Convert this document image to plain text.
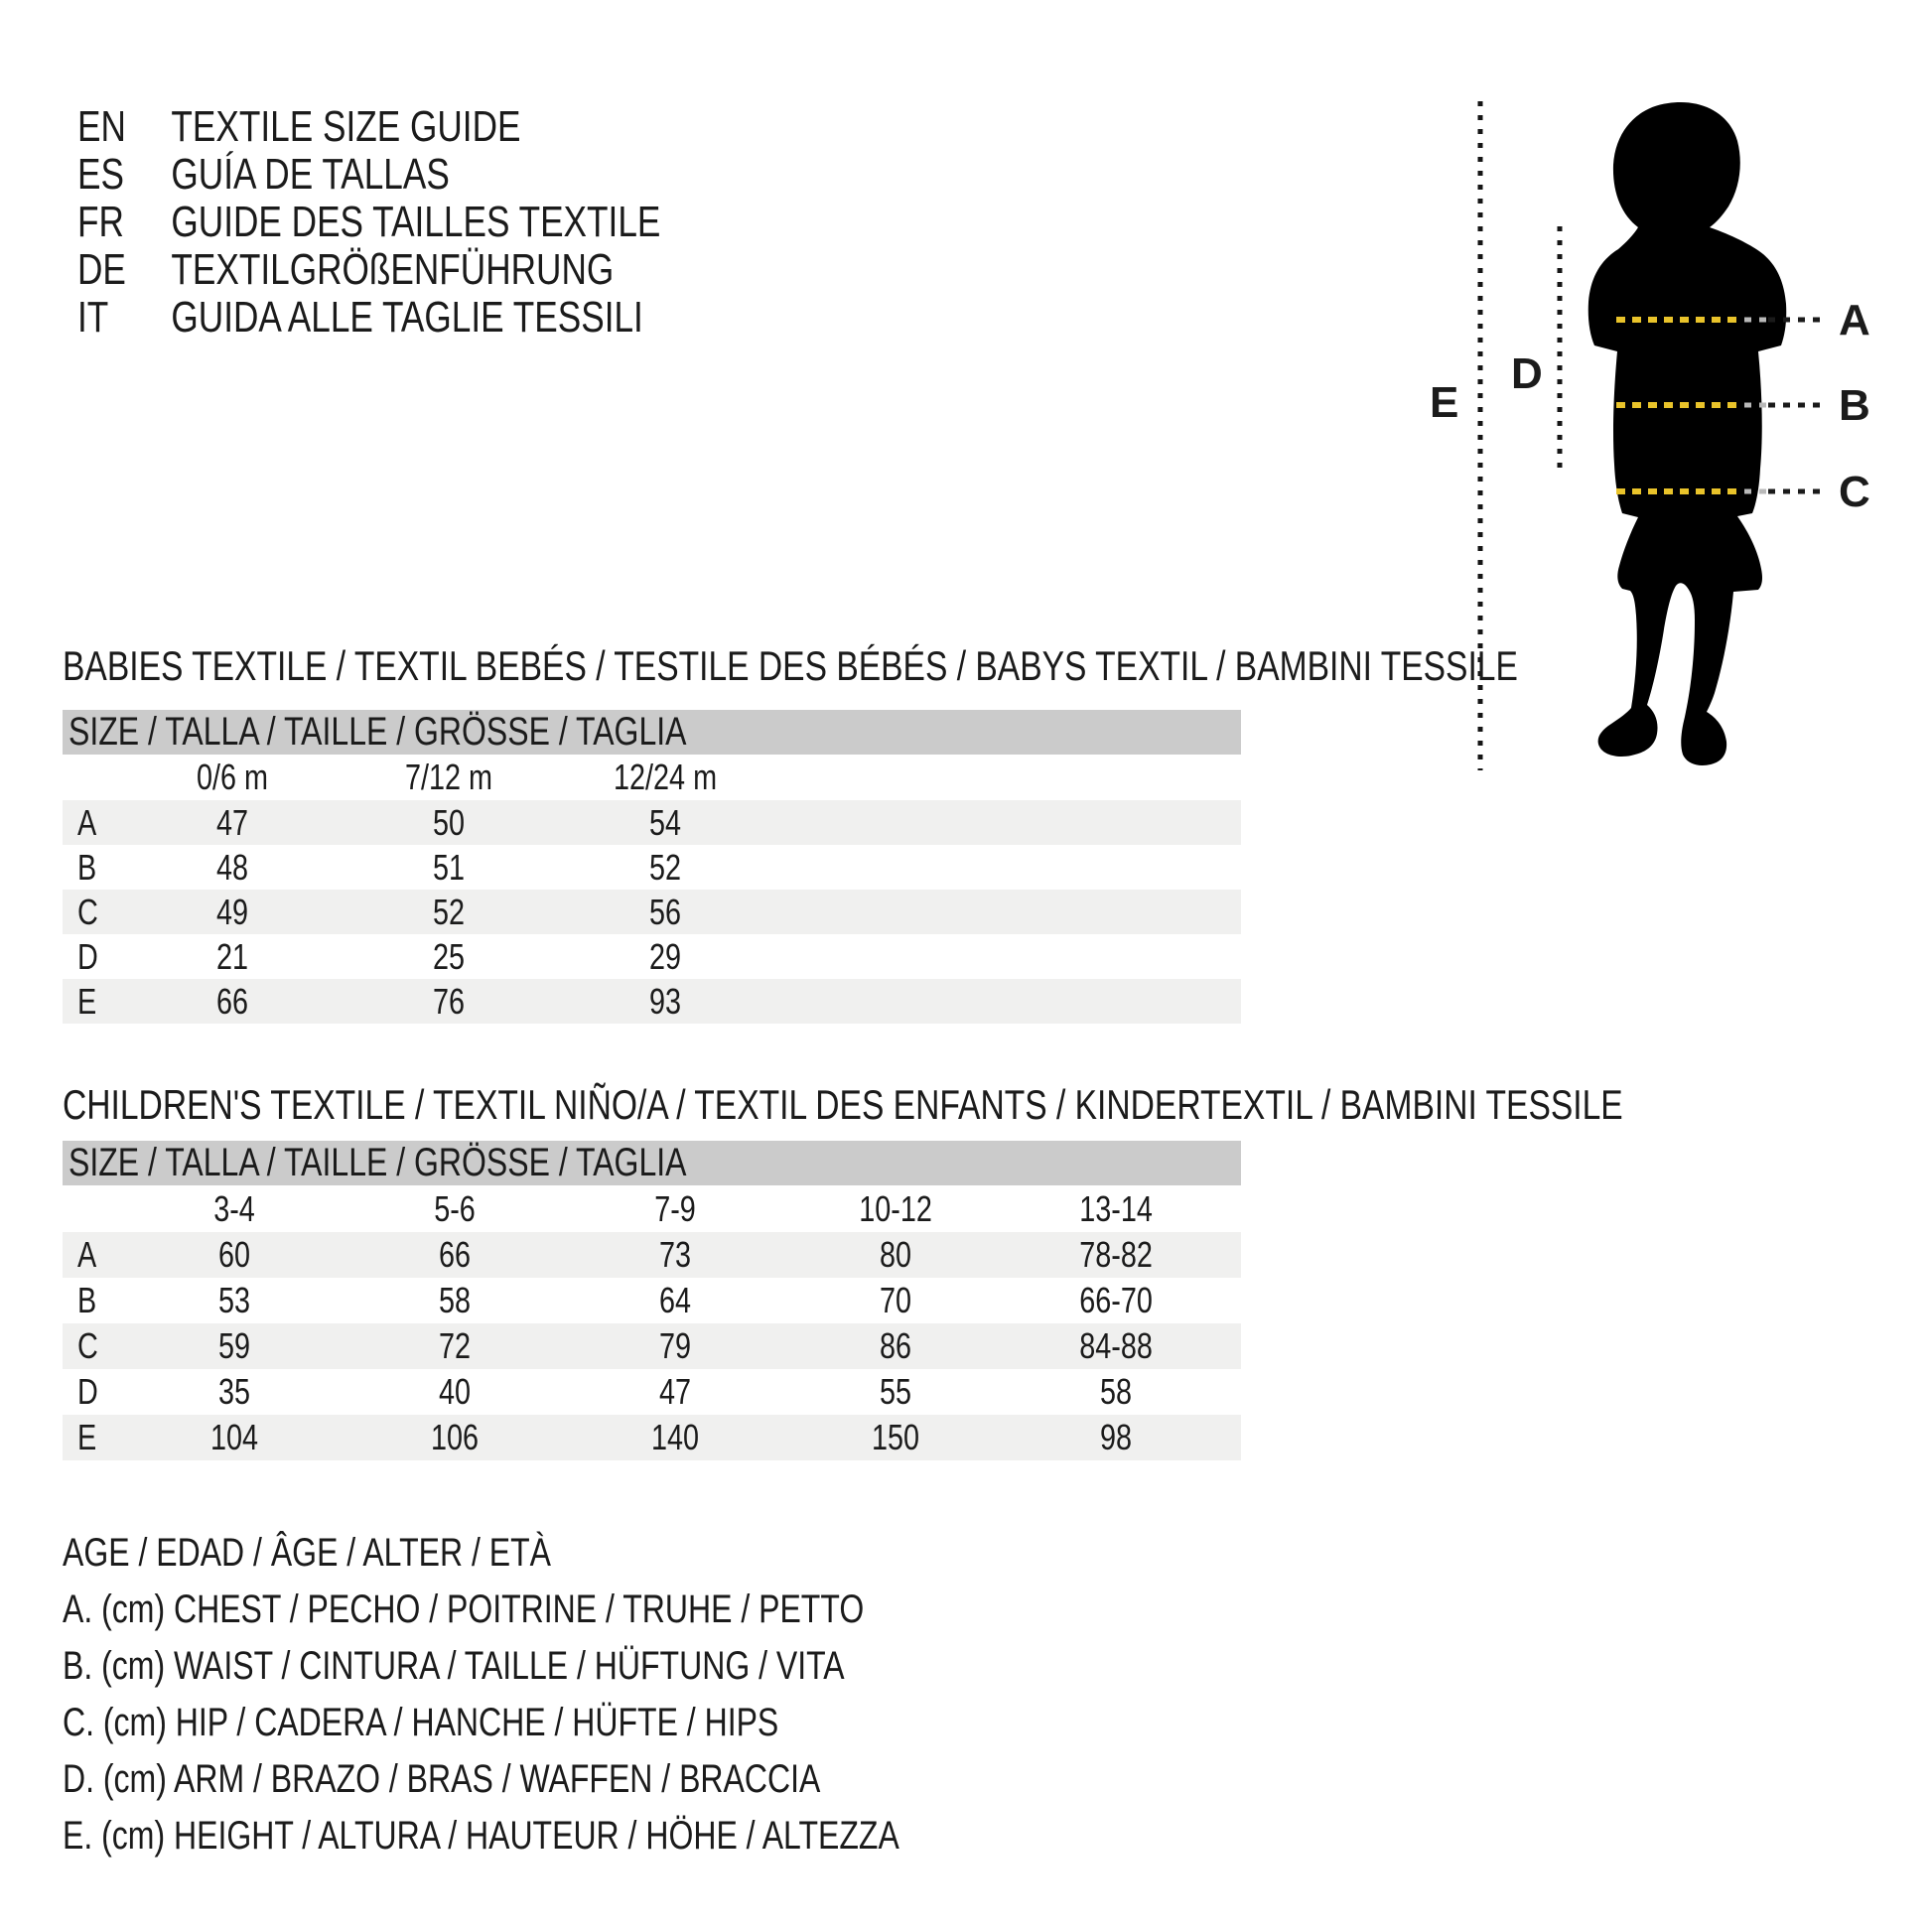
EN TEXTILE SIZE GUIDE
ES GUÍA DE TALLAS
FR GUIDE DES TAILLES TEXTILE
DE TEXTILGRÖßENFÜHRUNG
IT GUIDA ALLE TAGLIE TESSILI	A
B
C
D
E
BABIES TEXTILE / TEXTIL BEBÉS / TESTILE DES BÉBÉS / BABYS TEXTIL / BAMBINI TESSILE
SIZE / TALLA / TAILLE / GRÖSSE / TAGLIA
0/6 m	7/12 m	12/24 m
A	47	50	54
B	48	51	52
C	49	52	56
D	21	25	29
E	66	76	93
CHILDREN'S TEXTILE / TEXTIL NIÑO/A / TEXTIL DES ENFANTS / KINDERTEXTIL / BAMBINI TESSILE
SIZE / TALLA / TAILLE / GRÖSSE / TAGLIA
3-4	5-6	7-9	10-12	13-14
A	60	66	73	80	78-82
B	53	58	64	70	66-70
C	59	72	79	86	84-88
D	35	40	47	55	58
E	104	106	140	150	98
AGE / EDAD / ÂGE / ALTER / ETÀ
A. (cm) CHEST / PECHO / POITRINE / TRUHE / PETTO
B. (cm) WAIST / CINTURA / TAILLE / HÜFTUNG / VITA
C. (cm) HIP / CADERA / HANCHE / HÜFTE / HIPS
D. (cm) ARM / BRAZO / BRAS / WAFFEN / BRACCIA
E. (cm) HEIGHT / ALTURA / HAUTEUR / HÖHE / ALTEZZA
